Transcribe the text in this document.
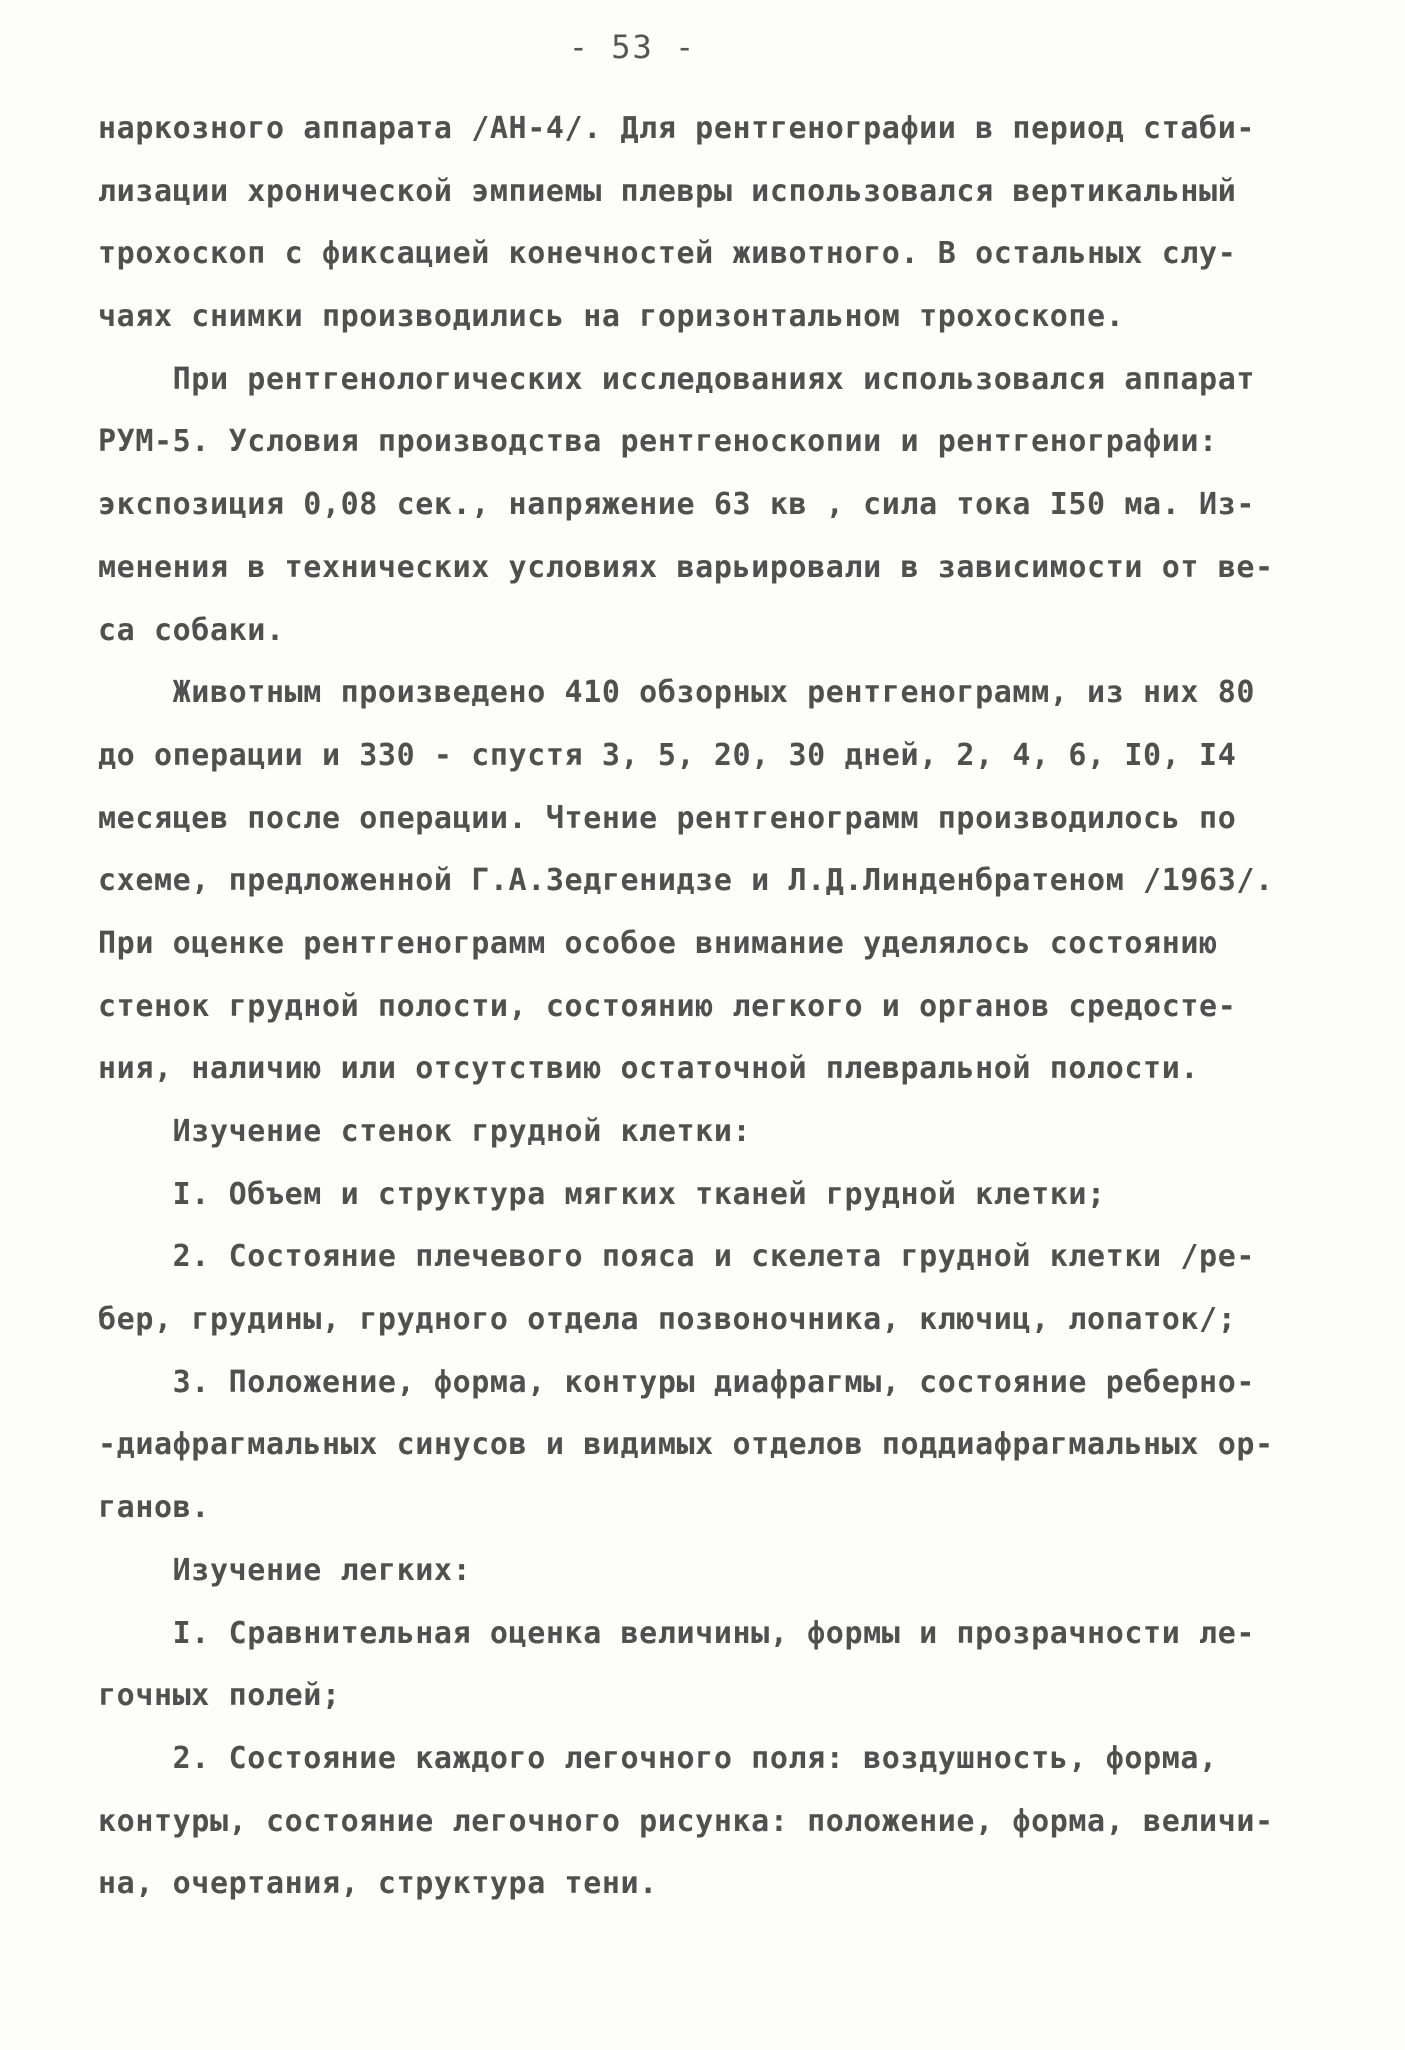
- 53 -
наркозного аппарата /АН-4/. Для рентгенографии в период стаби-
лизации хронической эмпиемы плевры использовался вертикальный
трохоскоп с фиксацией конечностей животного. В остальных слу-
чаях снимки производились на горизонтальном трохоскопе.
При рентгенологических исследованиях использовался аппарат
РУМ-5. Условия производства рентгеноскопии и рентгенографии:
экспозиция 0,08 сек., напряжение 63 кв , сила тока I50 ма. Из-
менения в технических условиях варьировали в зависимости от ве-
са собаки.
Животным произведено 410 обзорных рентгенограмм, из них 80
до операции и 330 - спустя 3, 5, 20, 30 дней, 2, 4, 6, I0, I4
месяцев после операции. Чтение рентгенограмм производилось по
схеме, предложенной Г.А.Зедгенидзе и Л.Д.Линденбратеном /1963/.
При оценке рентгенограмм особое внимание уделялось состоянию
стенок грудной полости, состоянию легкого и органов средосте-
ния, наличию или отсутствию остаточной плевральной полости.
Изучение стенок грудной клетки:
I. Объем и структура мягких тканей грудной клетки;
2. Состояние плечевого пояса и скелета грудной клетки /ре-
бер, грудины, грудного отдела позвоночника, ключиц, лопаток/;
3. Положение, форма, контуры диафрагмы, состояние реберно-
-диафрагмальных синусов и видимых отделов поддиафрагмальных ор-
ганов.
Изучение легких:
I. Сравнительная оценка величины, формы и прозрачности ле-
гочных полей;
2. Состояние каждого легочного поля: воздушность, форма,
контуры, состояние легочного рисунка: положение, форма, величи-
на, очертания, структура тени.
